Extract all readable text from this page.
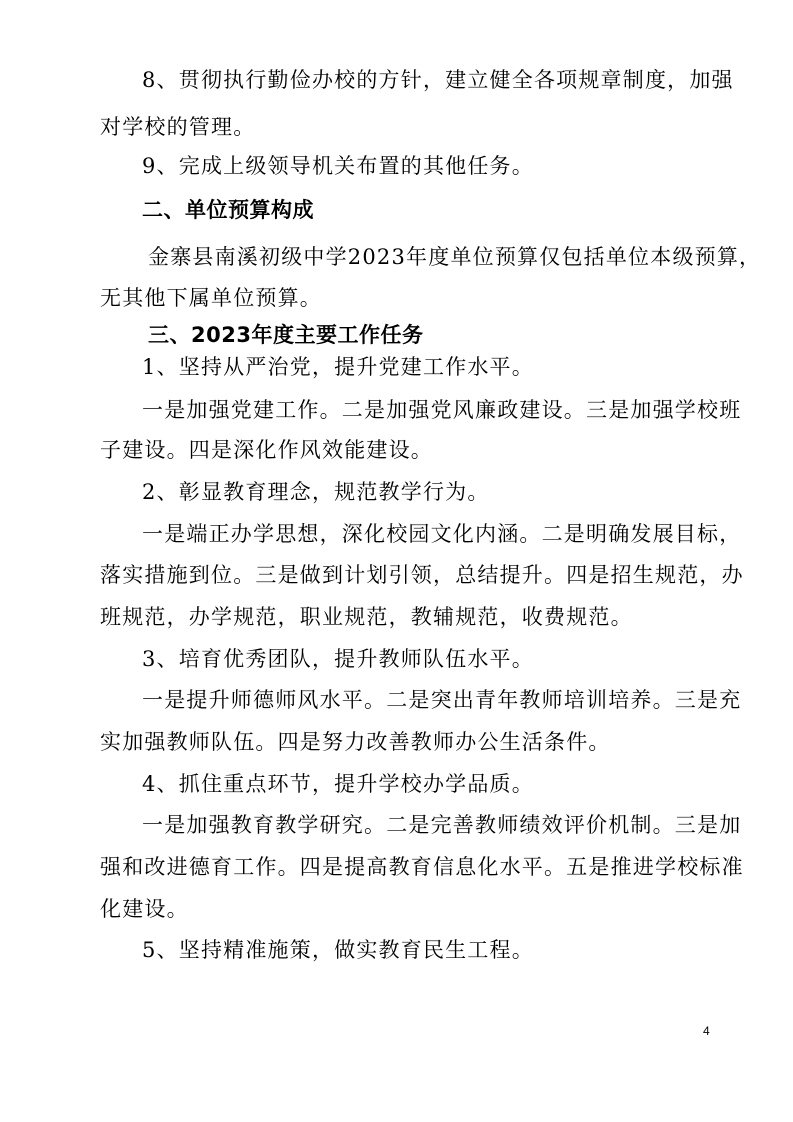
8、贯彻执行勤俭办校的方针，建立健全各项规章制度，加强
对学校的管理。
9、完成上级领导机关布置的其他任务。
二、单位预算构成
金寨县南溪初级中学2023年度单位预算仅包括单位本级预算，
无其他下属单位预算。
三、2023年度主要工作任务
1、坚持从严治党，提升党建工作水平。
一是加强党建工作。二是加强党风廉政建设。三是加强学校班
子建设。四是深化作风效能建设。
2、彰显教育理念，规范教学行为。
一是端正办学思想，深化校园文化内涵。二是明确发展目标，
落实措施到位。三是做到计划引领，总结提升。四是招生规范，办
班规范，办学规范，职业规范，教辅规范，收费规范。
3、培育优秀团队，提升教师队伍水平。
一是提升师德师风水平。二是突出青年教师培训培养。三是充
实加强教师队伍。四是努力改善教师办公生活条件。
4、抓住重点环节，提升学校办学品质。
一是加强教育教学研究。二是完善教师绩效评价机制。三是加
强和改进德育工作。四是提高教育信息化水平。五是推进学校标准
化建设。
5、坚持精准施策，做实教育民生工程。
4
